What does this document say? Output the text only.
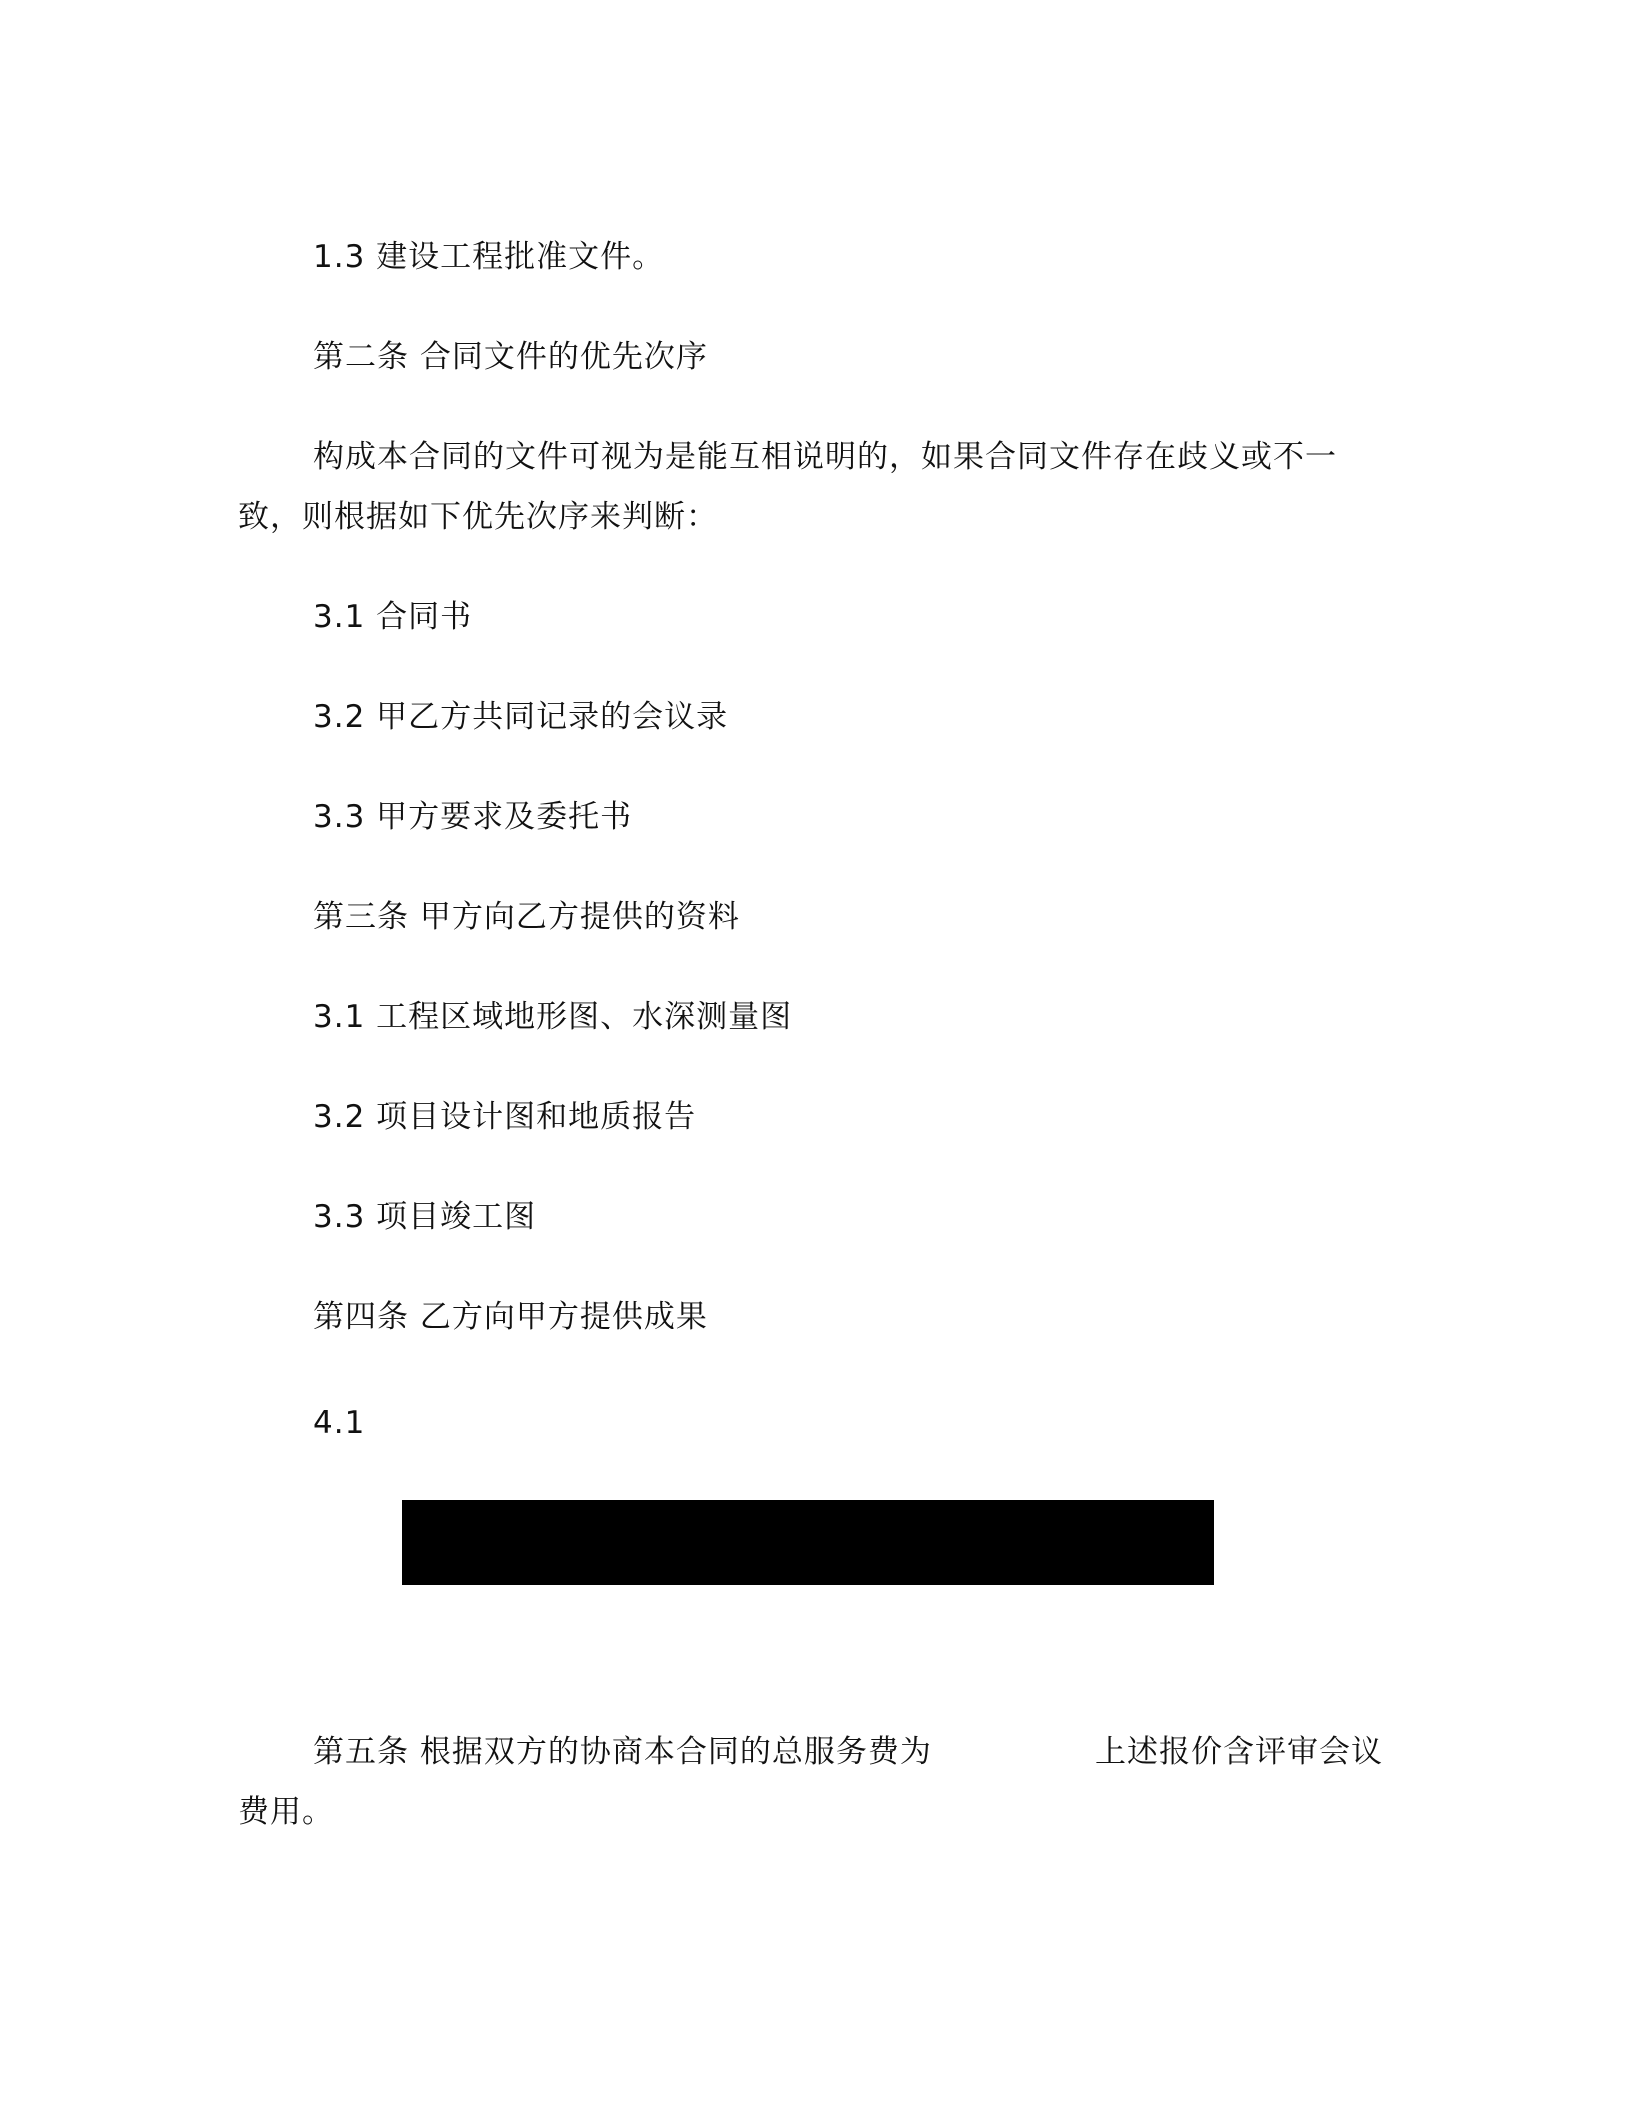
1.3 建设工程批准文件。
第二条 合同文件的优先次序
构成本合同的文件可视为是能互相说明的，如果合同文件存在歧义或不一
致，则根据如下优先次序来判断：
3.1 合同书
3.2 甲乙方共同记录的会议录
3.3 甲方要求及委托书
第三条 甲方向乙方提供的资料
3.1 工程区域地形图、水深测量图
3.2 项目设计图和地质报告
3.3 项目竣工图
第四条 乙方向甲方提供成果
4.1
第五条 根据双方的协商本合同的总服务费为	上述报价含评审会议
费用。
